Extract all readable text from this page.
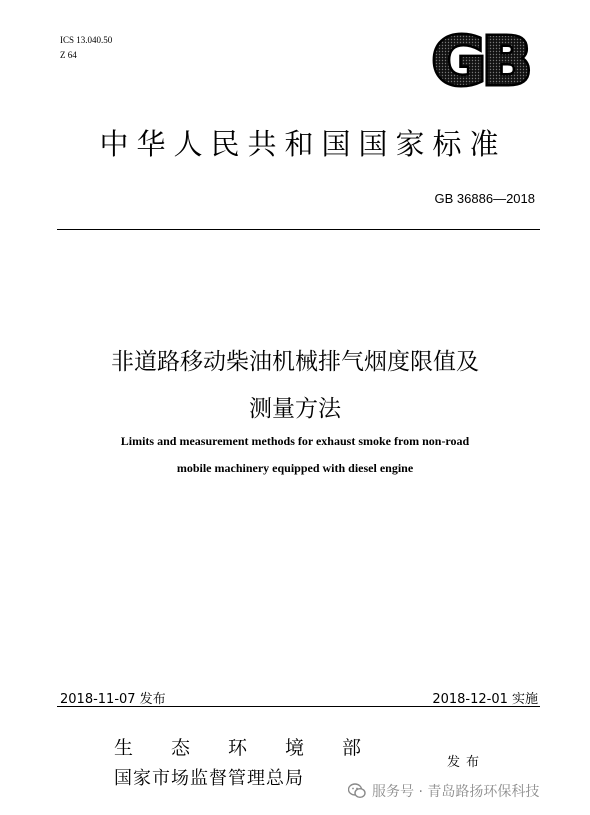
ICS 13.040.50
Z 64	GB
中华人民共和国国家标准
GB 36886—2018
非道路移动柴油机械排气烟度限值及
测量方法
Limits and measurement methods for exhaust smoke from non-road
mobile machinery equipped with diesel engine
2018-11-07 发布	2018-12-01 实施
生态环境部
国家市场监督管理总局
发布
服务号 · 青岛路扬环保科技
